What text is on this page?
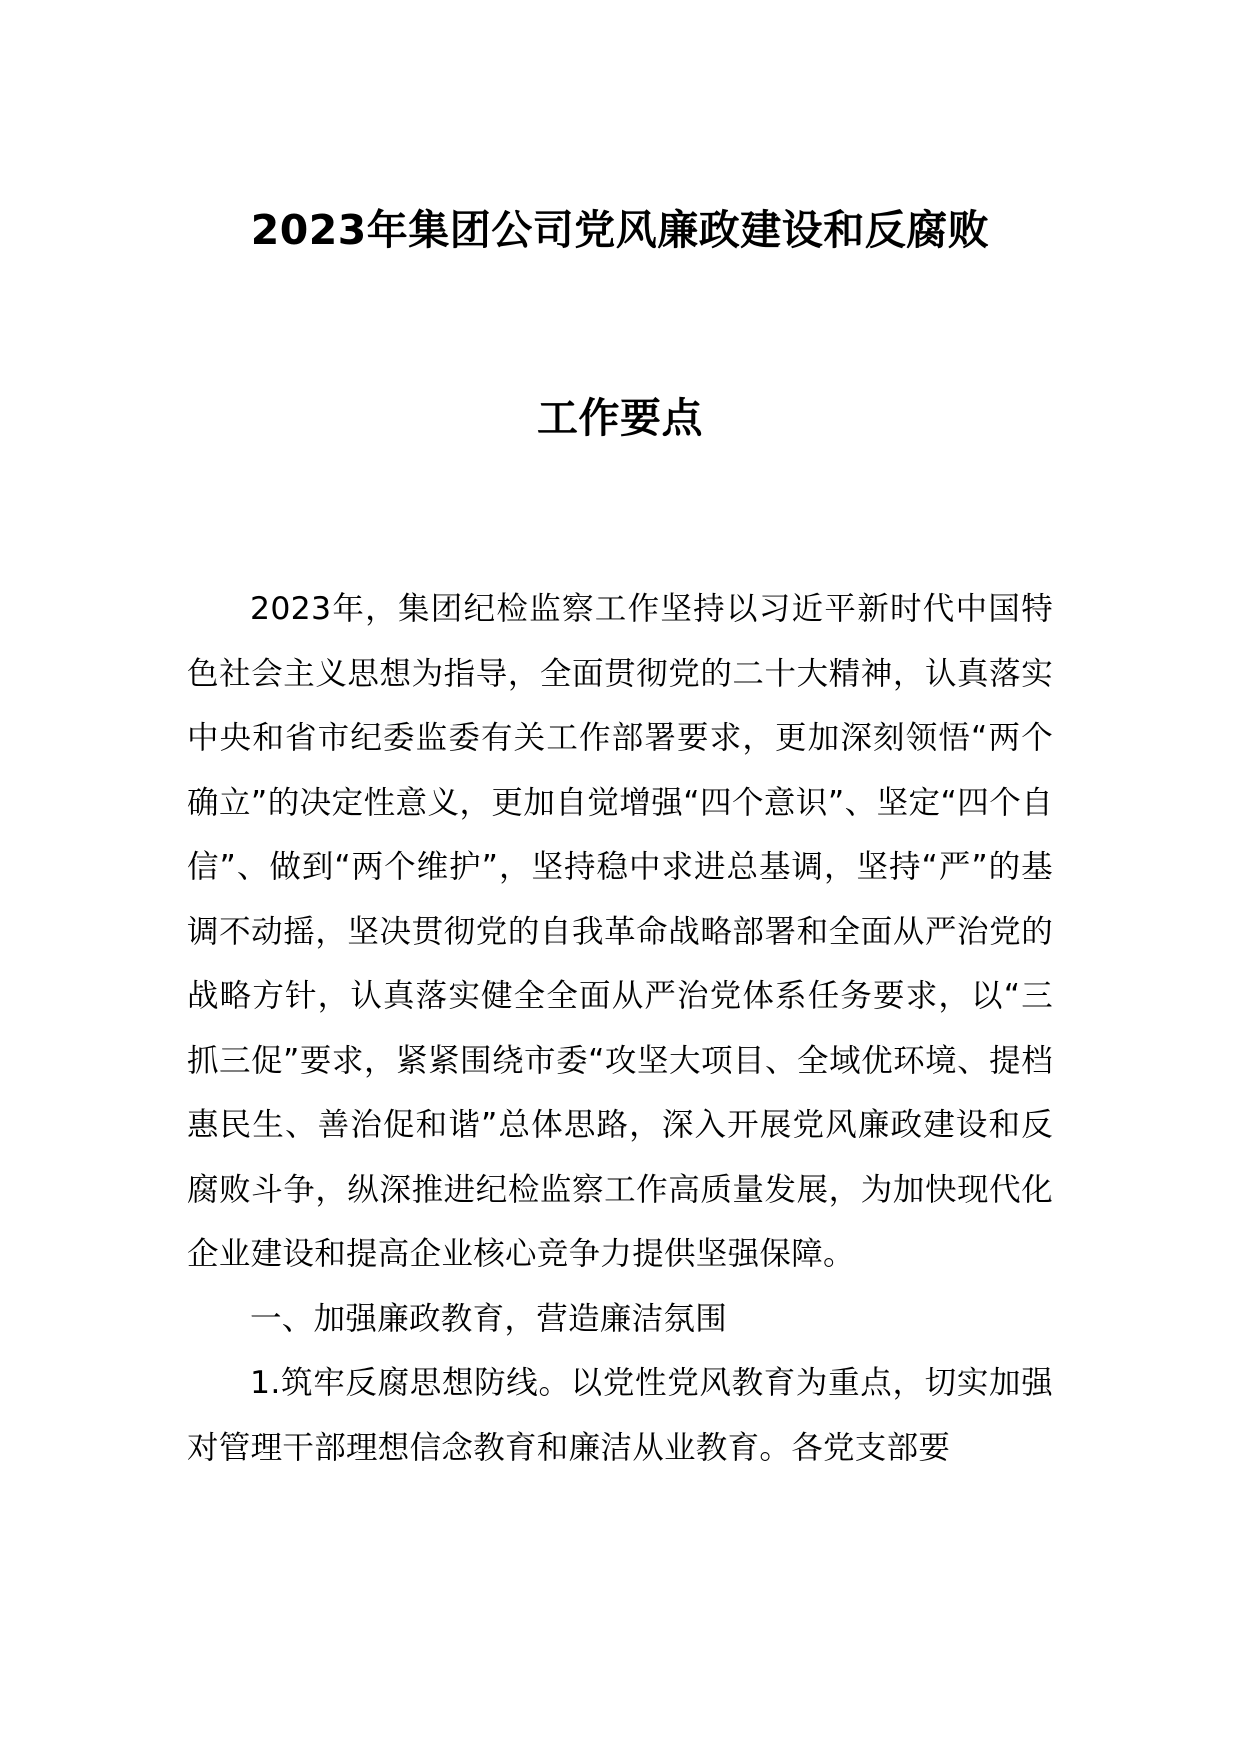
2023年集团公司党风廉政建设和反腐败
工作要点

2023年，集团纪检监察工作坚持以习近平新时代中国特色社会主义思想为指导，全面贯彻党的二十大精神，认真落实中央和省市纪委监委有关工作部署要求，更加深刻领悟“两个确立”的决定性意义，更加自觉增强“四个意识”、坚定“四个自信”、做到“两个维护”，坚持稳中求进总基调，坚持“严”的基调不动摇，坚决贯彻党的自我革命战略部署和全面从严治党的战略方针，认真落实健全全面从严治党体系任务要求，以“三抓三促”要求，紧紧围绕市委“攻坚大项目、全域优环境、提档惠民生、善治促和谐”总体思路，深入开展党风廉政建设和反腐败斗争，纵深推进纪检监察工作高质量发展，为加快现代化企业建设和提高企业核心竞争力提供坚强保障。

一、加强廉政教育，营造廉洁氛围

1.筑牢反腐思想防线。以党性党风教育为重点，切实加强对管理干部理想信念教育和廉洁从业教育。各党支部要
